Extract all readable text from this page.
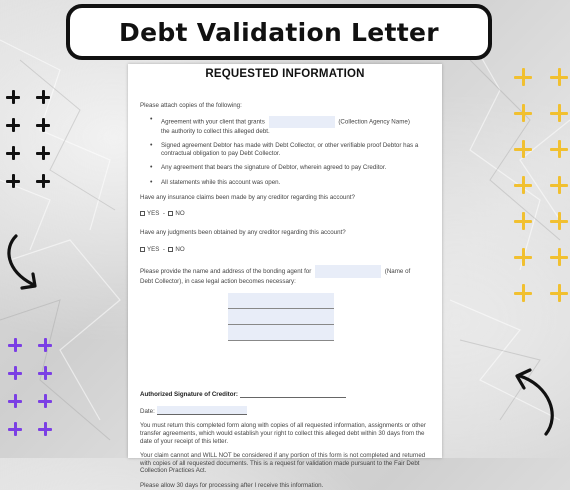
Debt Validation Letter
REQUESTED INFORMATION
Please attach copies of the following:
• Agreement with your client that grants	(Collection Agency Name)
the authority to collect this alleged debt.
• Signed agreement Debtor has made with Debt Collector, or other verifiable proof Debtor has a contractual obligation to pay Debt Collector.
• Any agreement that bears the signature of Debtor, wherein agreed to pay Creditor.
• All statements while this account was open.
Have any insurance claims been made by any creditor regarding this account?
YES - NO
Have any judgments been obtained by any creditor regarding this account?
YES - NO
Please provide the name and address of the bonding agent for	(Name of
Debt Collector), in case legal action becomes necessary:
Authorized Signature of Creditor:
Date:
You must return this completed form along with copies of all requested information, assignments or other transfer agreements, which would establish your right to collect this alleged debt within 30 days from the date of your receipt of this letter.
Your claim cannot and WILL NOT be considered if any portion of this form is not completed and returned with copies of all requested documents. This is a request for validation made pursuant to the Fair Debt Collection Practices Act.
Please allow 30 days for processing after I receive this information.
